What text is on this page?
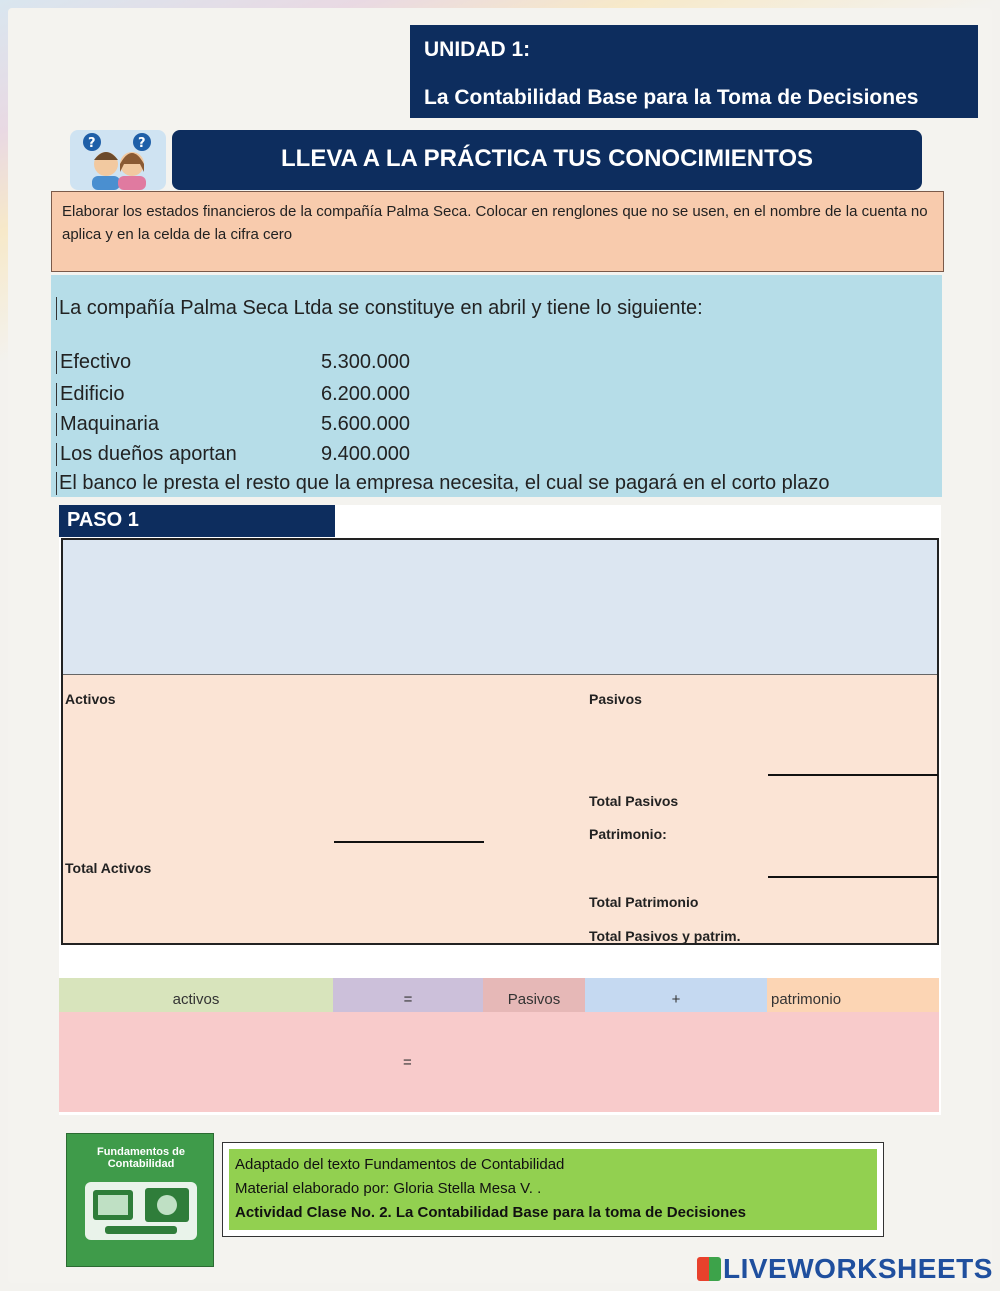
UNIDAD 1:
La Contabilidad Base para la Toma de Decisiones
?	?
LLEVA A LA PRÁCTICA TUS CONOCIMIENTOS
Elaborar los estados financieros de la compañía Palma Seca. Colocar en renglones que no se usen, en el nombre de la cuenta no aplica y en la celda de la cifra cero
La compañía Palma Seca Ltda se constituye en abril y tiene lo siguiente:
Efectivo	5.300.000

Edificio	6.200.000

Maquinaria	5.600.000

Los dueños aportan	9.400.000

El banco le presta el resto que la empresa necesita, el cual se pagará en el corto plazo
PASO 1
Activos	Pasivos
Total Pasivos
Patrimonio:
Total Activos
Total Patrimonio
Total Pasivos y patrim.
activos	=	Pasivos	+	patrimonio
=
Fundamentos de
Contabilidad	Adaptado del texto Fundamentos de Contabilidad
Material elaborado por: Gloria Stella Mesa V. .
Actividad Clase No. 2. La Contabilidad Base para la toma de Decisiones
LIVEWORKSHEETS
